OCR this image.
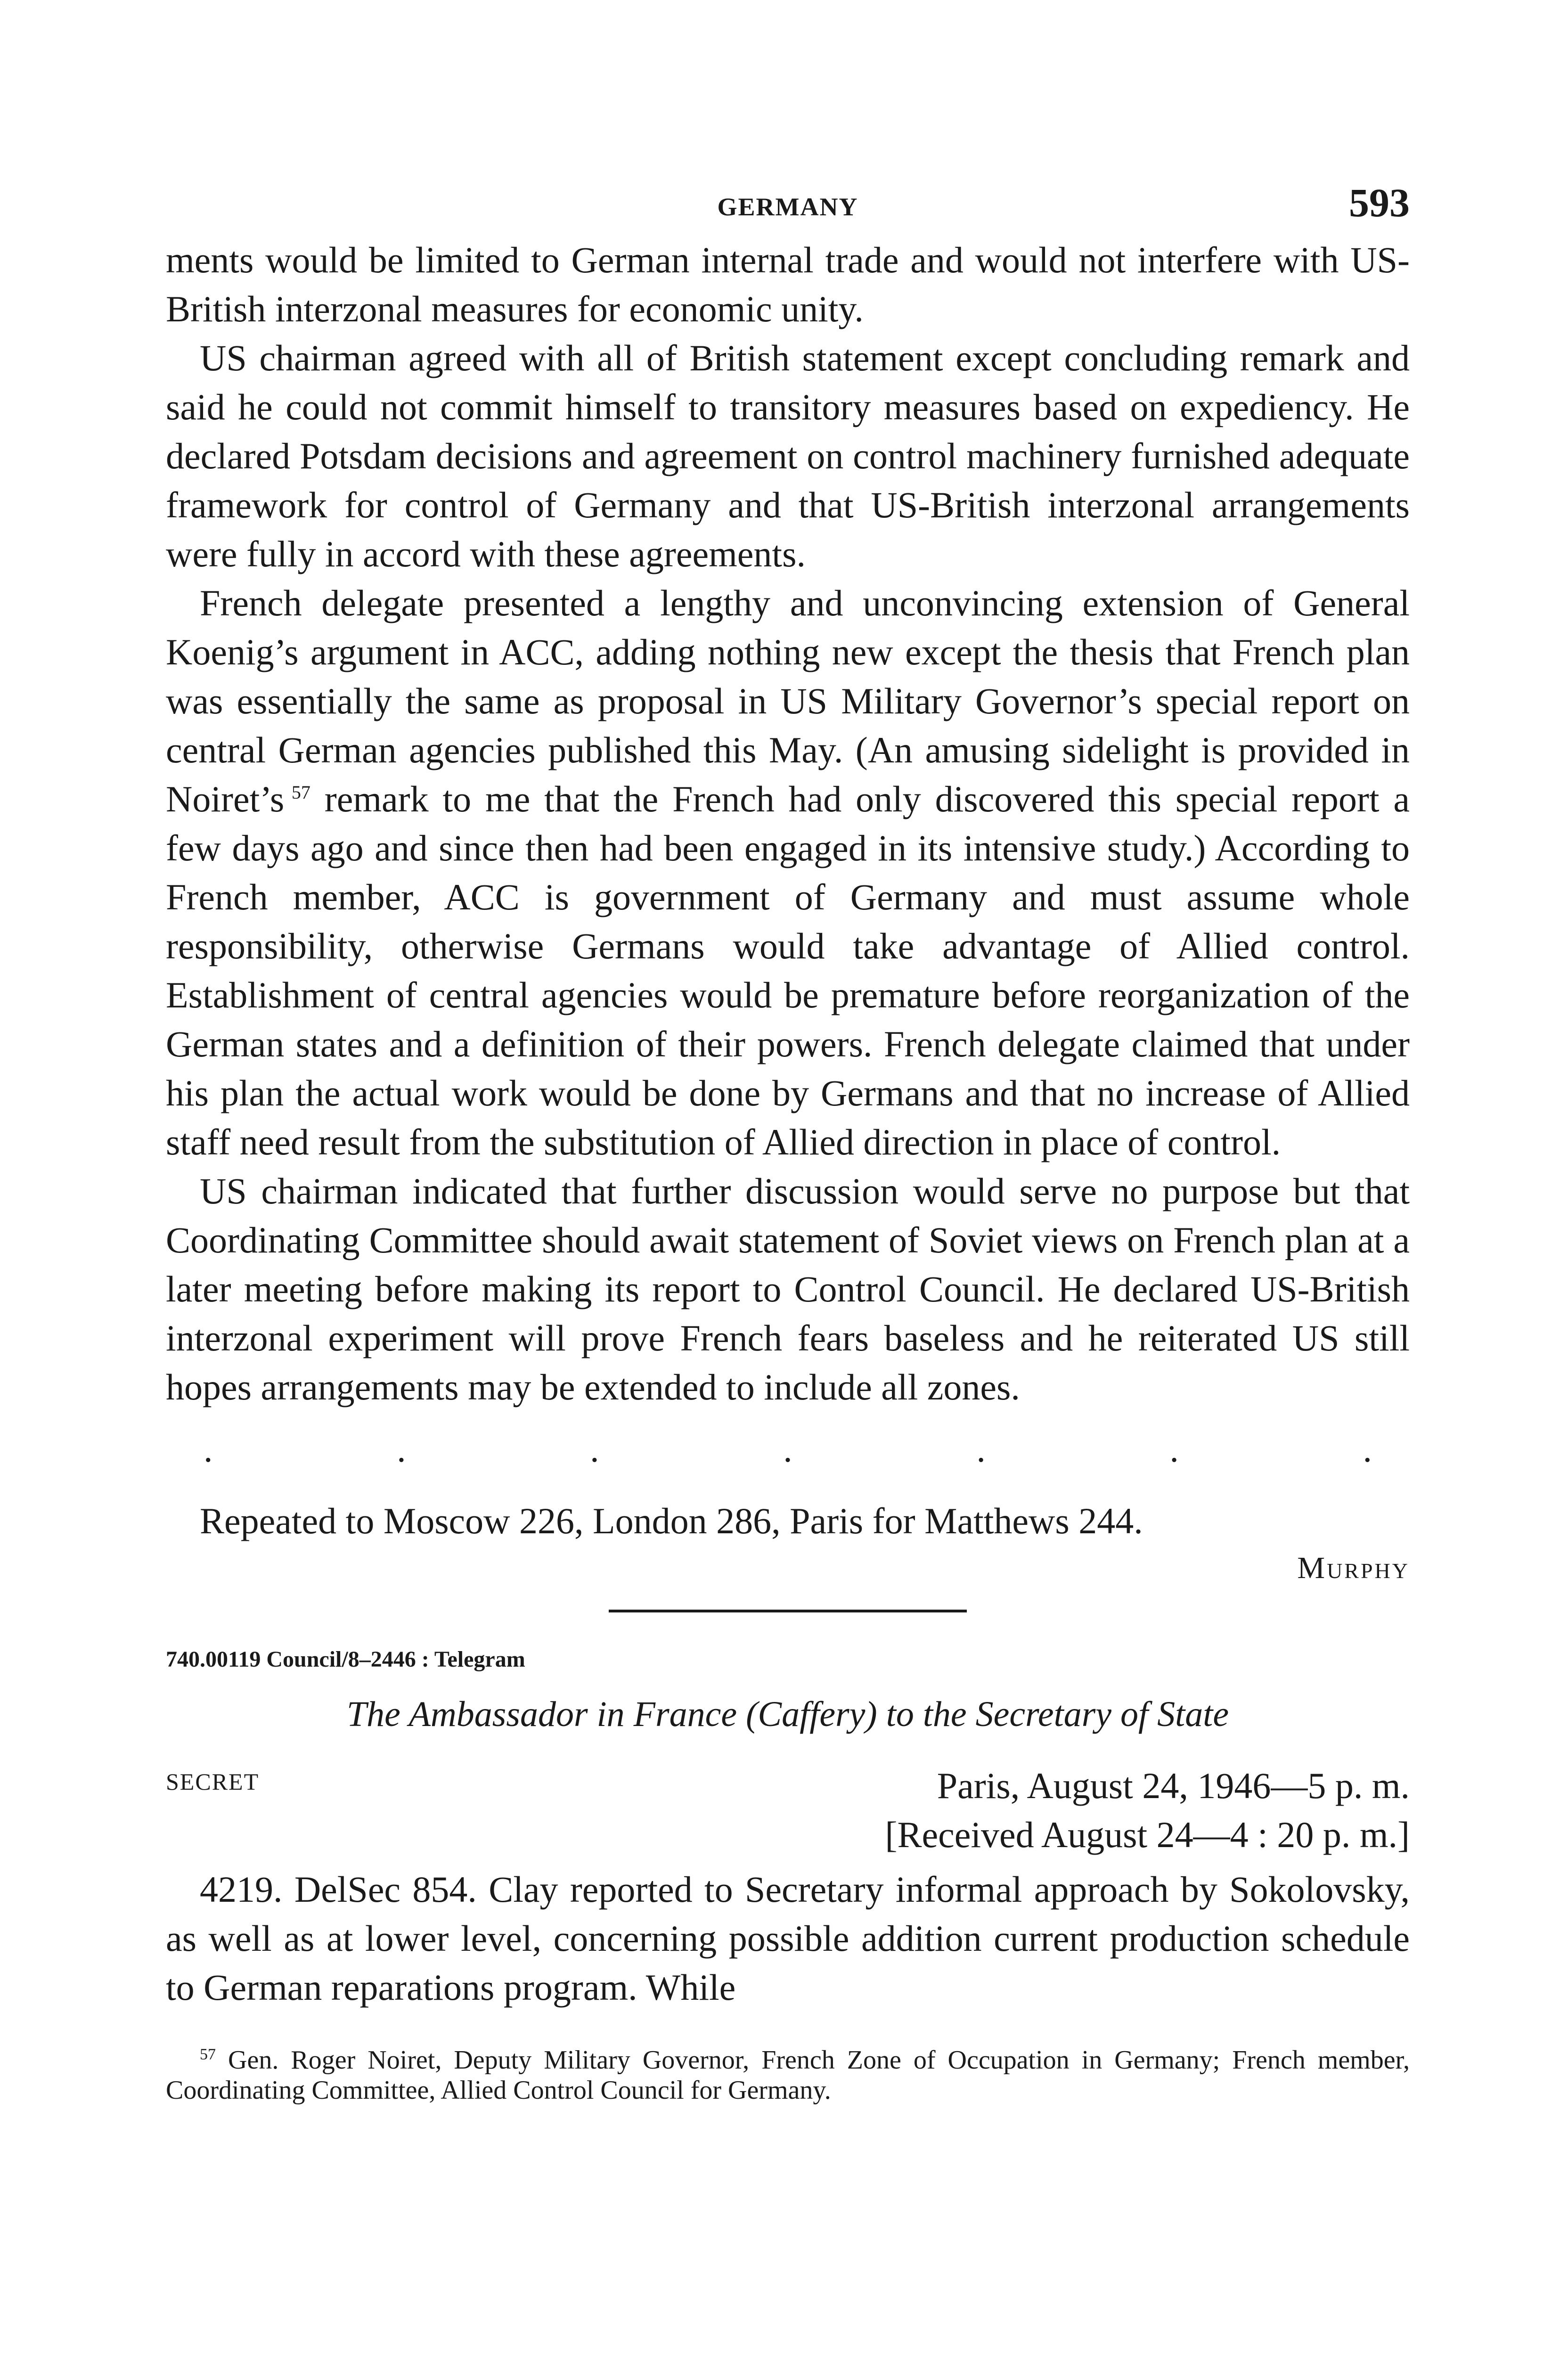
GERMANY	593

ments would be limited to German internal trade and would not interfere with US-British interzonal measures for economic unity.

US chairman agreed with all of British statement except concluding remark and said he could not commit himself to transitory measures based on expediency. He declared Potsdam decisions and agreement on control machinery furnished adequate framework for control of Germany and that US-British interzonal arrangements were fully in accord with these agreements.

French delegate presented a lengthy and unconvincing extension of General Koenig’s argument in ACC, adding nothing new except the thesis that French plan was essentially the same as proposal in US Military Governor’s special report on central German agencies published this May. (An amusing sidelight is provided in Noiret’s  $^{57}$ remark to me that the French had only discovered this special report a few days ago and since then had been engaged in its intensive study.) According to French member, ACC is government of Germany and must assume whole responsibility, otherwise Germans would take advantage of Allied control. Establishment of central agencies would be premature before reorganization of the German states and a definition of their powers. French delegate claimed that under his plan the actual work would be done by Germans and that no increase of Allied staff need result from the substitution of Allied direction in place of control.

US chairman indicated that further discussion would serve no purpose but that Coordinating Committee should await statement of Soviet views on French plan at a later meeting before making its report to Control Council. He declared US-British interzonal experiment will prove French fears baseless and he reiterated US still hopes arrangements may be extended to include all zones.

.	.	.	.	.	.	.
Repeated to Moscow 226, London 286, Paris for Matthews 244.
Murphy
740.00119 Council/8–2446 : Telegram
The Ambassador in France (Caffery) to the Secretary of State
SECRET	Paris, August 24, 1946—5 p. m.
[Received August 24—4 : 20 p. m.]

4219. DelSec 854. Clay reported to Secretary informal approach by Sokolovsky, as well as at lower level, concerning possible addition current production schedule to German reparations program. While

$^{57}$ Gen. Roger Noiret, Deputy Military Governor, French Zone of Occupation in Germany; French member, Coordinating Committee, Allied Control Council for Germany.
